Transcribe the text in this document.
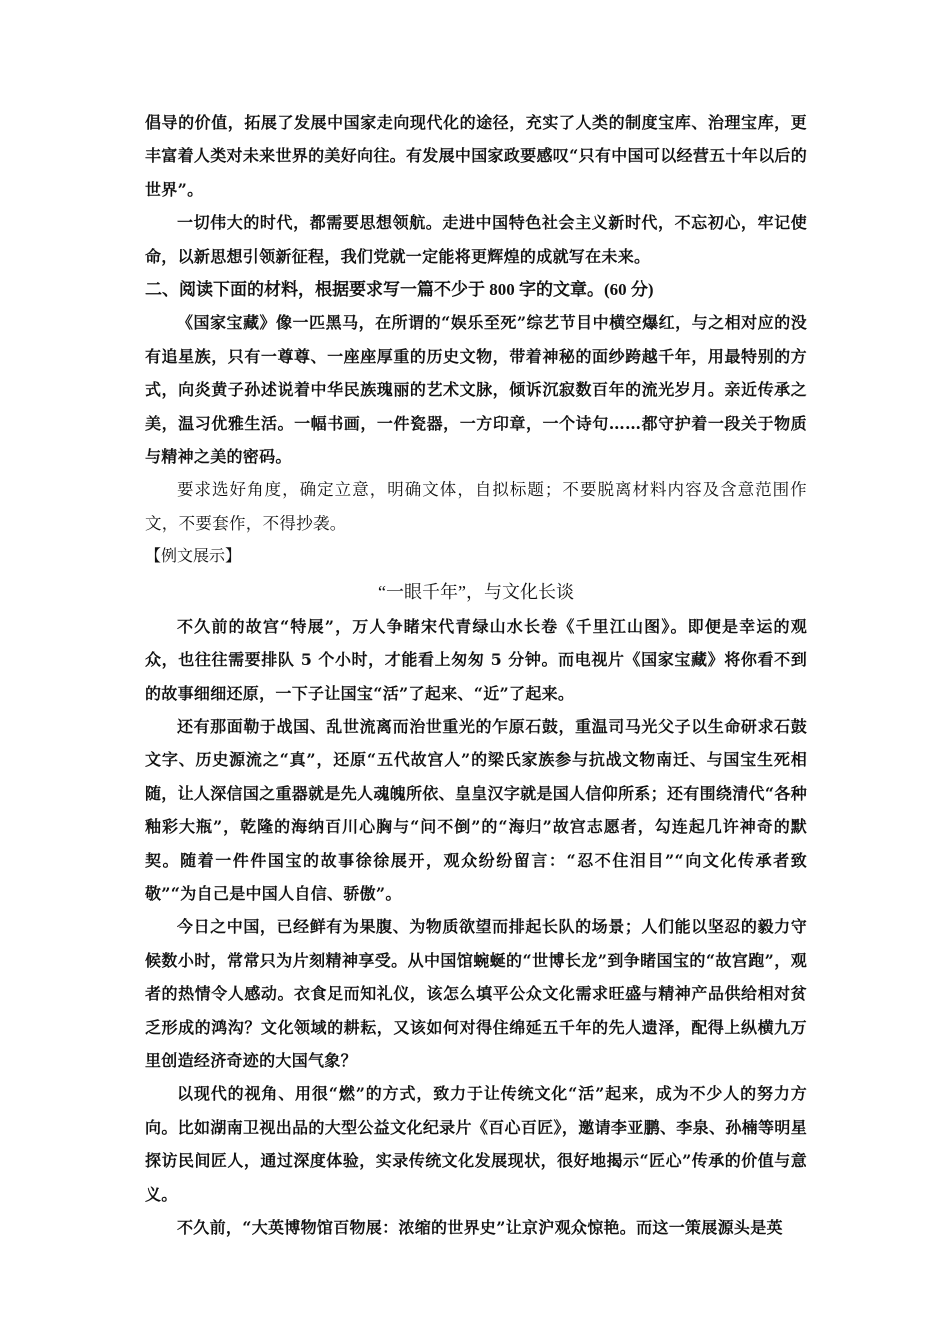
倡导的价值，拓展了发展中国家走向现代化的途径，充实了人类的制度宝库、治理宝库，更丰富着人类对未来世界的美好向往。有发展中国家政要感叹“只有中国可以经营五十年以后的世界”。

一切伟大的时代，都需要思想领航。走进中国特色社会主义新时代，不忘初心，牢记使命，以新思想引领新征程，我们党就一定能将更辉煌的成就写在未来。

二、阅读下面的材料，根据要求写一篇不少于 800 字的文章。(60 分)

《国家宝藏》像一匹黑马，在所谓的“娱乐至死”综艺节目中横空爆红，与之相对应的没有追星族，只有一尊尊、一座座厚重的历史文物，带着神秘的面纱跨越千年，用最特别的方式，向炎黄子孙述说着中华民族瑰丽的艺术文脉，倾诉沉寂数百年的流光岁月。亲近传承之美，温习优雅生活。一幅书画，一件瓷器，一方印章，一个诗句……都守护着一段关于物质与精神之美的密码。

要求选好角度，确定立意，明确文体，自拟标题；不要脱离材料内容及含意范围作文，不要套作，不得抄袭。

【例文展示】

“一眼千年”，与文化长谈

不久前的故宫“特展”，万人争睹宋代青绿山水长卷《千里江山图》。即便是幸运的观众，也往往需要排队 5 个小时，才能看上匆匆 5 分钟。而电视片《国家宝藏》将你看不到的故事细细还原，一下子让国宝“活”了起来、“近”了起来。

还有那面勒于战国、乱世流离而治世重光的乍原石鼓，重温司马光父子以生命研求石鼓文字、历史源流之“真”，还原“五代故宫人”的梁氏家族参与抗战文物南迁、与国宝生死相随，让人深信国之重器就是先人魂魄所依、皇皇汉字就是国人信仰所系；还有围绕清代“各种釉彩大瓶”，乾隆的海纳百川心胸与“问不倒”的“海归”故宫志愿者，勾连起几许神奇的默契。随着一件件国宝的故事徐徐展开，观众纷纷留言：“忍不住泪目”“向文化传承者致敬”“为自己是中国人自信、骄傲”。

今日之中国，已经鲜有为果腹、为物质欲望而排起长队的场景；人们能以坚忍的毅力守候数小时，常常只为片刻精神享受。从中国馆蜿蜒的“世博长龙”到争睹国宝的“故宫跑”，观者的热情令人感动。衣食足而知礼仪，该怎么填平公众文化需求旺盛与精神产品供给相对贫乏形成的鸿沟？文化领域的耕耘，又该如何对得住绵延五千年的先人遗泽，配得上纵横九万里创造经济奇迹的大国气象？

以现代的视角、用很“燃”的方式，致力于让传统文化“活”起来，成为不少人的努力方向。比如湖南卫视出品的大型公益文化纪录片《百心百匠》，邀请李亚鹏、李泉、孙楠等明星探访民间匠人，通过深度体验，实录传统文化发展现状，很好地揭示“匠心”传承的价值与意义。

不久前，“大英博物馆百物展：浓缩的世界史”让京沪观众惊艳。而这一策展源头是英
